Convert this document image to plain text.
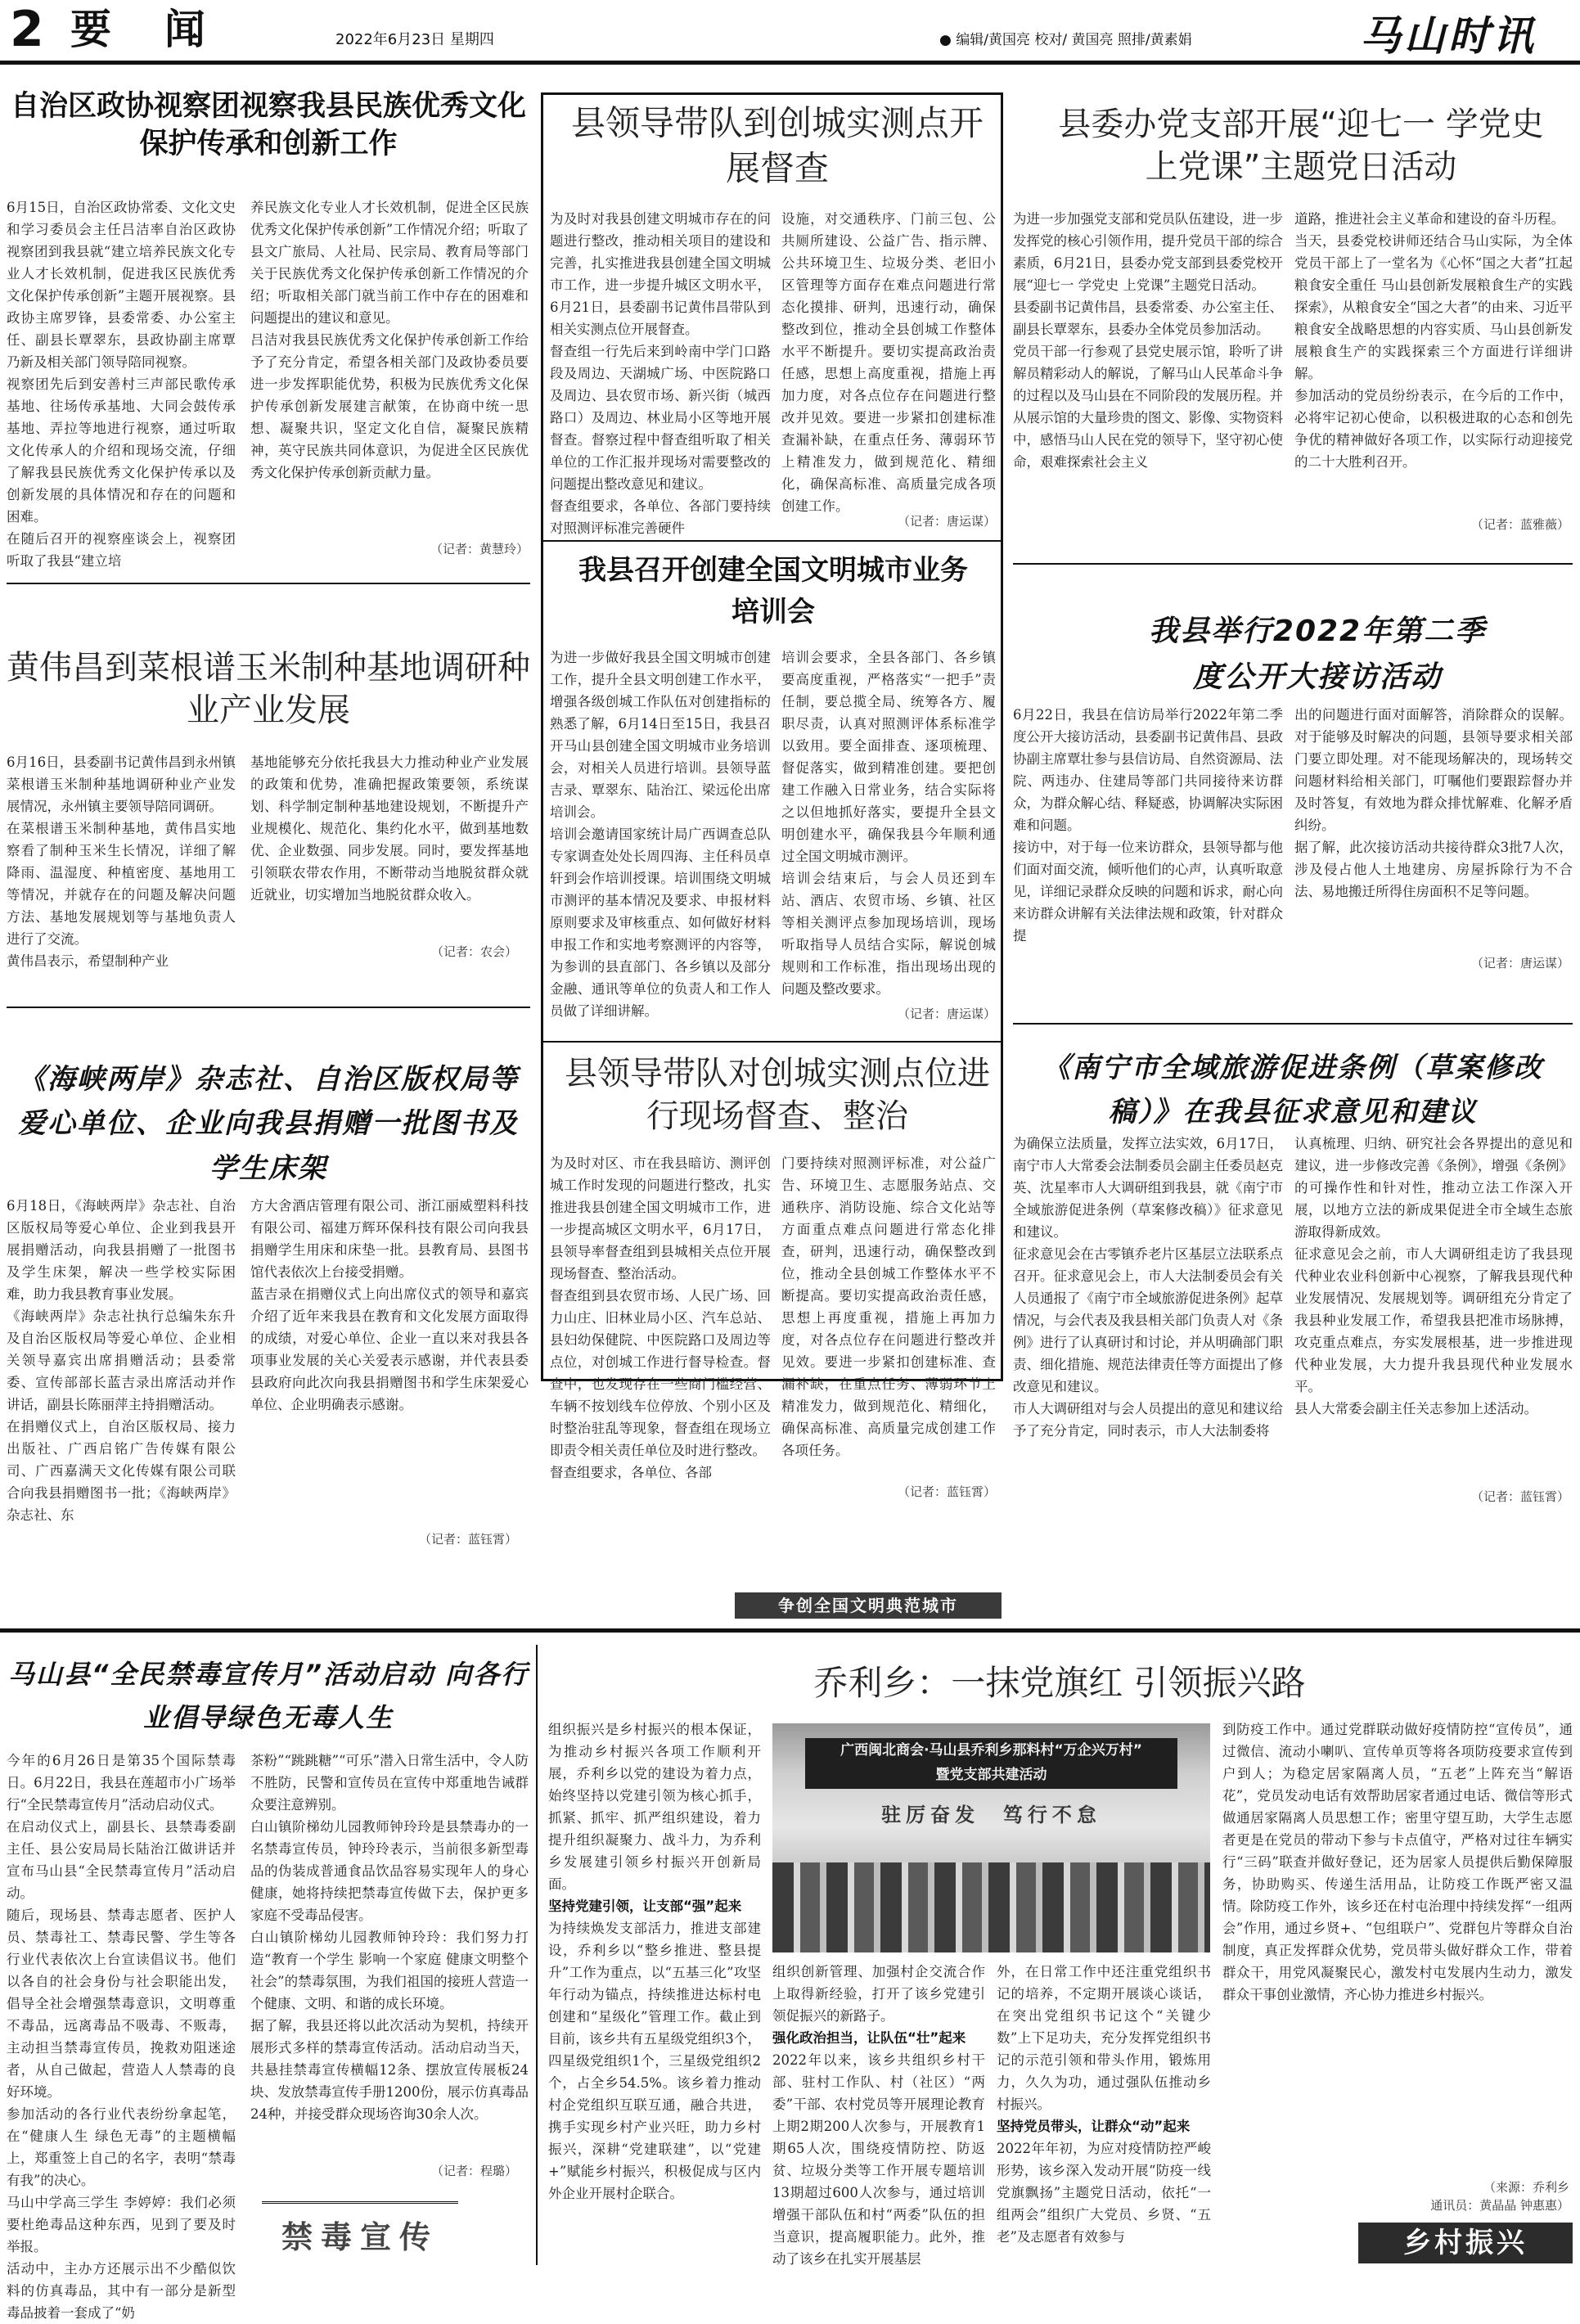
2 要  闻	2022年6月23日 星期四	● 编辑/黄国亮 校对/ 黄国亮 照排/黄素娟	马山时讯
自治区政协视察团视察我县民族优秀文化保护传承和创新工作
6月15日，自治区政协常委、文化文史和学习委员会主任吕洁率自治区政协视察团到我县就“建立培养民族文化专业人才长效机制，促进我区民族优秀文化保护传承创新”主题开展视察。县政协主席罗锋，县委常委、办公室主任、副县长覃翠东，县政协副主席覃乃新及相关部门领导陪同视察。
视察团先后到安善村三声部民歌传承基地、往场传承基地、大同会鼓传承基地、弄拉等地进行视察，通过听取文化传承人的介绍和现场交流，仔细了解我县民族优秀文化保护传承以及创新发展的具体情况和存在的问题和困难。
在随后召开的视察座谈会上，视察团听取了我县“建立培
养民族文化专业人才长效机制，促进全区民族优秀文化保护传承创新”工作情况介绍；听取了县文广旅局、人社局、民宗局、教育局等部门关于民族优秀文化保护传承创新工作情况的介绍；听取相关部门就当前工作中存在的困难和问题提出的建议和意见。
吕洁对我县民族优秀文化保护传承创新工作给予了充分肯定，希望各相关部门及政协委员要进一步发挥职能优势，积极为民族优秀文化保护传承创新发展建言献策，在协商中统一思想、凝聚共识，坚定文化自信，凝聚民族精神，英守民族共同体意识，为促进全区民族优秀文化保护传承创新贡献力量。
（记者：黄慧玲）
县领导带队到创城实测点开展督查
为及时对我县创建文明城市存在的问题进行整改，推动相关项目的建设和完善，扎实推进我县创建全国文明城市工作，进一步提升城区文明水平，6月21日，县委副书记黄伟昌带队到相关实测点位开展督查。
督查组一行先后来到岭南中学门口路段及周边、天湖城广场、中医院路口及周边、县农贸市场、新兴街（城西路口）及周边、林业局小区等地开展督查。督察过程中督查组听取了相关单位的工作汇报并现场对需要整改的问题提出整改意见和建议。
督查组要求，各单位、各部门要持续对照测评标准完善硬件
设施，对交通秩序、门前三包、公共厕所建设、公益广告、指示牌、公共环境卫生、垃圾分类、老旧小区管理等方面存在难点问题进行常态化摸排、研判，迅速行动，确保整改到位，推动全县创城工作整体水平不断提升。要切实提高政治责任感，思想上高度重视，措施上再加力度，对各点位存在问题进行整改并见效。要进一步紧扣创建标准查漏补缺，在重点任务、薄弱环节上精准发力，做到规范化、精细化，确保高标准、高质量完成各项创建工作。
（记者：唐运谋）
县委办党支部开展“迎七一 学党史 上党课”主题党日活动
为进一步加强党支部和党员队伍建设，进一步发挥党的核心引领作用，提升党员干部的综合素质，6月21日，县委办党支部到县委党校开展“迎七一 学党史 上党课”主题党日活动。
县委副书记黄伟昌，县委常委、办公室主任、副县长覃翠东，县委办全体党员参加活动。
党员干部一行参观了县党史展示馆，聆听了讲解员精彩动人的解说，了解马山人民革命斗争的过程以及马山县在不同阶段的发展历程。并从展示馆的大量珍贵的图文、影像、实物资料中，感悟马山人民在党的领导下，坚守初心使命，艰难探索社会主义
道路，推进社会主义革命和建设的奋斗历程。
当天，县委党校讲师还结合马山实际，为全体党员干部上了一堂名为《心怀“国之大者”扛起粮食安全重任 马山县创新发展粮食生产的实践探索》，从粮食安全“国之大者”的由来、习近平粮食安全战略思想的内容实质、马山县创新发展粮食生产的实践探索三个方面进行详细讲解。
参加活动的党员纷纷表示，在今后的工作中，必将牢记初心使命，以积极进取的心态和创先争优的精神做好各项工作，以实际行动迎接党的二十大胜利召开。
（记者：蓝雅薇）
黄伟昌到菜根谱玉米制种基地调研种业产业发展
6月16日，县委副书记黄伟昌到永州镇菜根谱玉米制种基地调研种业产业发展情况，永州镇主要领导陪同调研。
在菜根谱玉米制种基地，黄伟昌实地察看了制种玉米生长情况，详细了解降雨、温湿度、种植密度、基地用工等情况，并就存在的问题及解决问题方法、基地发展规划等与基地负责人进行了交流。
黄伟昌表示，希望制种产业
基地能够充分依托我县大力推动种业产业发展的政策和优势，准确把握政策要领，系统谋划、科学制定制种基地建设规划，不断提升产业规模化、规范化、集约化水平，做到基地数优、企业数强、同步发展。同时，要发挥基地引领联农带农作用，不断带动当地脱贫群众就近就业，切实增加当地脱贫群众收入。
（记者：农会）
我县召开创建全国文明城市业务培训会
为进一步做好我县全国文明城市创建工作，提升全县文明创建工作水平，增强各级创城工作队伍对创建指标的熟悉了解，6月14日至15日，我县召开马山县创建全国文明城市业务培训会，对相关人员进行培训。县领导蓝吉录、覃翠东、陆治江、梁远伦出席培训会。
培训会邀请国家统计局广西调查总队专家调查处处长周四海、主任科员卓轩到会作培训授课。培训围绕文明城市测评的基本情况及要求、申报材料原则要求及审核重点、如何做好材料申报工作和实地考察测评的内容等，为参训的县直部门、各乡镇以及部分金融、通讯等单位的负责人和工作人员做了详细讲解。
培训会要求，全县各部门、各乡镇要高度重视，严格落实“一把手”责任制，要总揽全局、统筹各方、履职尽责，认真对照测评体系标准学以致用。要全面排查、逐项梳理、督促落实，做到精准创建。要把创建工作融入日常业务，结合实际将之以但地抓好落实，要提升全县文明创建水平，确保我县今年顺利通过全国文明城市测评。
培训会结束后，与会人员还到车站、酒店、农贸市场、乡镇、社区等相关测评点参加现场培训，现场听取指导人员结合实际，解说创城规则和工作标准，指出现场出现的问题及整改要求。
（记者：唐运谋）
我县举行2022年第二季度公开大接访活动
6月22日，我县在信访局举行2022年第二季度公开大接访活动，县委副书记黄伟昌、县政协副主席覃壮参与县信访局、自然资源局、法院、两违办、住建局等部门共同接待来访群众，为群众解心结、释疑惑，协调解决实际困难和问题。
接访中，对于每一位来访群众，县领导都与他们面对面交流，倾听他们的心声，认真听取意见，详细记录群众反映的问题和诉求，耐心向来访群众讲解有关法律法规和政策，针对群众提
出的问题进行面对面解答，消除群众的误解。对于能够及时解决的问题，县领导要求相关部门要立即处理。对不能现场解决的，现场转交问题材料给相关部门，叮嘱他们要跟踪督办并及时答复，有效地为群众排忧解难、化解矛盾纠纷。
据了解，此次接访活动共接待群众3批7人次，涉及侵占他人土地建房、房屋拆除行为不合法、易地搬迁所得住房面积不足等问题。
（记者：唐运谋）
《海峡两岸》杂志社、自治区版权局等爱心单位、企业向我县捐赠一批图书及学生床架
6月18日，《海峡两岸》杂志社、自治区版权局等爱心单位、企业到我县开展捐赠活动，向我县捐赠了一批图书及学生床架，解决一些学校实际困难，助力我县教育事业发展。
《海峡两岸》杂志社执行总编朱东升及自治区版权局等爱心单位、企业相关领导嘉宾出席捐赠活动；县委常委、宣传部部长蓝吉录出席活动并作讲话，副县长陈丽萍主持捐赠活动。
在捐赠仪式上，自治区版权局、接力出版社、广西启铭广告传媒有限公司、广西嘉满天文化传媒有限公司联合向我县捐赠图书一批；《海峡两岸》杂志社、东
方大舍酒店管理有限公司、浙江丽威塑料科技有限公司、福建万辉环保科技有限公司向我县捐赠学生用床和床垫一批。县教育局、县图书馆代表依次上台接受捐赠。
蓝吉录在捐赠仪式上向出席仪式的领导和嘉宾介绍了近年来我县在教育和文化发展方面取得的成绩，对爱心单位、企业一直以来对我县各项事业发展的关心关爱表示感谢，并代表县委县政府向此次向我县捐赠图书和学生床架爱心单位、企业明确表示感谢。
（记者：蓝钰霄）
县领导带队对创城实测点位进行现场督查、整治
为及时对区、市在我县暗访、测评创城工作时发现的问题进行整改，扎实推进我县创建全国文明城市工作，进一步提高城区文明水平，6月17日，县领导率督查组到县城相关点位开展现场督查、整治活动。
督查组到县农贸市场、人民广场、回力山庄、旧林业局小区、汽车总站、县妇幼保健院、中医院路口及周边等点位，对创城工作进行督导检查。督查中，也发现存在一些商门槛经营、车辆不按划线车位停放、个别小区及时整治驻乱等现象，督查组在现场立即责令相关责任单位及时进行整改。
督查组要求，各单位、各部
门要持续对照测评标准，对公益广告、环境卫生、志愿服务站点、交通秩序、消防设施、综合文化站等方面重点难点问题进行常态化排查，研判，迅速行动，确保整改到位，推动全县创城工作整体水平不断提高。要切实提高政治责任感，思想上再度重视，措施上再加力度，对各点位存在问题进行整改并见效。要进一步紧扣创建标准、查漏补缺，在重点任务、薄弱环节上精准发力，做到规范化、精细化，确保高标准、高质量完成创建工作各项任务。
（记者：蓝钰霄）
争创全国文明典范城市
《南宁市全域旅游促进条例（草案修改稿）》在我县征求意见和建议
为确保立法质量，发挥立法实效，6月17日，南宁市人大常委会法制委员会副主任委员赵克英、沈星率市人大调研组到我县，就《南宁市全域旅游促进条例（草案修改稿）》征求意见和建议。
征求意见会在古零镇乔老片区基层立法联系点召开。征求意见会上，市人大法制委员会有关人员通报了《南宁市全域旅游促进条例》起草情况，与会代表及我县相关部门负责人对《条例》进行了认真研讨和讨论，并从明确部门职责、细化措施、规范法律责任等方面提出了修改意见和建议。
市人大调研组对与会人员提出的意见和建议给予了充分肯定，同时表示，市人大法制委将
认真梳理、归纳、研究社会各界提出的意见和建议，进一步修改完善《条例》，增强《条例》的可操作性和针对性，推动立法工作深入开展，以地方立法的新成果促进全市全域生态旅游取得新成效。
征求意见会之前，市人大调研组走访了我县现代种业农业科创新中心视察，了解我县现代种业发展情况、发展规划等。调研组充分肯定了我县种业发展工作，希望我县把准市场脉搏，攻克重点难点，夯实发展根基，进一步推进现代种业发展，大力提升我县现代种业发展水平。
县人大常委会副主任关志参加上述活动。
（记者：蓝钰霄）
马山县“全民禁毒宣传月”活动启动 向各行业倡导绿色无毒人生
今年的6月26日是第35个国际禁毒日。6月22日，我县在莲超市小广场举行“全民禁毒宣传月”活动启动仪式。
在启动仪式上，副县长、县禁毒委副主任、县公安局局长陆治江做讲话并宣布马山县“全民禁毒宣传月”活动启动。
随后，现场县、禁毒志愿者、医护人员、禁毒社工、禁毒民警、学生等各行业代表依次上台宣读倡议书。他们以各自的社会身份与社会职能出发，倡导全社会增强禁毒意识，文明尊重不毒品，远离毒品不吸毒、不贩毒，主动担当禁毒宣传员，挽救劝阻迷途者，从自己做起，营造人人禁毒的良好环境。
参加活动的各行业代表纷纷拿起笔，在“健康人生 绿色无毒”的主题横幅上，郑重签上自己的名字，表明“禁毒有我”的决心。
马山中学高三学生 李婷婷：我们必须要杜绝毒品这种东西，见到了要及时举报。
活动中，主办方还展示出不少酷似饮料的仿真毒品，其中有一部分是新型毒品披着一套成了“奶
茶粉”“跳跳糖”“可乐”潜入日常生活中，令人防不胜防，民警和宣传员在宣传中郑重地告诫群众要注意辨别。
白山镇阶梯幼儿园教师钟玲玲是县禁毒办的一名禁毒宣传员，钟玲玲表示，当前很多新型毒品的伪装成普通食品饮品容易实现年人的身心健康，她将持续把禁毒宣传做下去，保护更多家庭不受毒品侵害。
白山镇阶梯幼儿园教师钟玲玲：我们努力打造“教育一个学生 影响一个家庭 健康文明整个社会”的禁毒氛围，为我们祖国的接班人营造一个健康、文明、和谐的成长环境。
据了解，我县还将以此次活动为契机，持续开展形式多样的禁毒宣传活动。活动启动当天，共悬挂禁毒宣传横幅12条、摆放宣传展板24块、发放禁毒宣传手册1200份，展示仿真毒品24种，并接受群众现场咨询30余人次。
（记者：程璐）
禁毒宣传
乔利乡：一抹党旗红 引领振兴路
组织振兴是乡村振兴的根本保证，为推动乡村振兴各项工作顺利开展，乔利乡以党的建设为着力点，始终坚持以党建引领为核心抓手，抓紧、抓牢、抓严组织建设，着力提升组织凝聚力、战斗力，为乔利乡发展建引领乡村振兴开创新局面。
坚持党建引领，让支部“强”起来
为持续焕发支部活力，推进支部建设，乔利乡以“整乡推进、整县提升”工作为重点，以“五基三化”攻坚年行动为锚点，持续推进达标村电创建和“星级化”管理工作。截止到目前，该乡共有五星级党组织3个，四星级党组织1个，三星级党组织2个，占全乡54.5%。该乡着力推动村企党组织互联互通，融合共进，携手实现乡村产业兴旺，助力乡村振兴，深耕“党建联建”，以“党建+”赋能乡村振兴，积极促成与区内外企业开展村企联合。
广西闽北商会·马山县乔利乡那料村“万企兴万村”
暨党支部共建活动
驻厉奋发  笃行不怠
组织创新管理、加强村企交流合作上取得新经验，打开了该乡党建引领促振兴的新路子。
强化政治担当，让队伍“壮”起来
2022年以来，该乡共组织乡村干部、驻村工作队、村（社区）“两委”干部、农村党员等开展理论教育上期2期200人次参与，开展教育1期65人次，围绕疫情防控、防返贫、垃圾分类等工作开展专题培训13期超过600人次参与，通过培训增强干部队伍和村“两委”队伍的担当意识，提高履职能力。此外，推动了该乡在扎实开展基层
外，在日常工作中还注重党组织书记的培养，不定期开展谈心谈话，在突出党组织书记这个“关键少数”上下足功夫，充分发挥党组织书记的示范引领和带头作用，锻炼用力，久久为功，通过强队伍推动乡村振兴。
坚持党员带头，让群众“动”起来
2022年年初，为应对疫情防控严峻形势，该乡深入发动开展“防疫一线党旗飘扬”主题党日活动，依托“一组两会”组织广大党员、乡贤、“五老”及志愿者有效参与
到防疫工作中。通过党群联动做好疫情防控“宣传员”，通过微信、流动小喇叭、宣传单页等将各项防疫要求宣传到户到人；为稳定居家隔离人员，“五老”上阵充当“解语花”，党员发动电话有效帮助居家者通过电话、微信等形式做通居家隔离人员思想工作；密里守望互助，大学生志愿者更是在党员的带动下参与卡点值守，严格对过往车辆实行“三码”联查并做好登记，还为居家人员提供后勤保障服务，协助购买、传递生活用品，让防疫工作既严密又温情。除防疫工作外，该乡还在村屯治理中持续发挥“一组两会”作用，通过乡贤+、“包组联户”、党群包片等群众自治制度，真正发挥群众优势，党员带头做好群众工作，带着群众干，用党风凝聚民心，激发村屯发展内生动力，激发群众干事创业激情，齐心协力推进乡村振兴。
（来源：乔利乡
通讯员：黄晶晶 钟惠惠）
乡村振兴
